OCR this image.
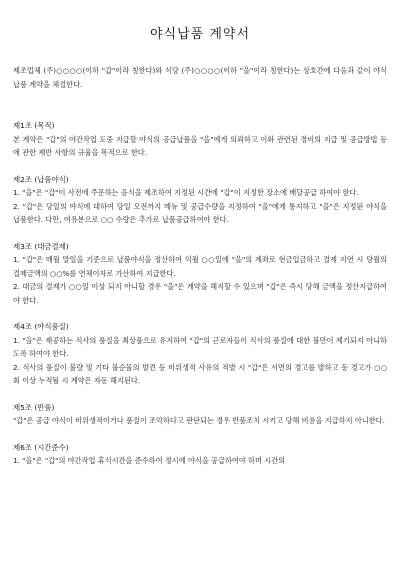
야식납품 계약서

제조업체 (주)○○○○(이하 "갑"이라 칭한다)와 식당 (주)○○○○(이하 "을"이라 칭한다)는 상호간에 다음과 같이 야식납품 계약을 체결한다.

제1조 (목적)

본 계약은 "갑"의 야간작업 도중 지급할 야식의 공급납품을 "을"에게 의뢰하고 이와 관련된 경비의 지급 및 공급방법 등에 관한 제반 사항의 규율을 목적으로 한다.

제2조 (납품야식)

1. "을"은 "갑"이 사전에 주문하는 음식을 제조하여 지정된 시간에 "갑"이 지정한 장소에 배달공급 하여야 한다.

2. "갑"은 당일의 야식에 대하여 당일 오전까지 메뉴 및 공급수량을 지정하여 "을"에게 통지하고 "을"은 지정된 야식을 납품한다. 다만, 여유분으로 ○○ 수량은 추가로 납품공급하여야 한다.

제3조 (대금결제)

1. "갑"은 매월 말일을 기준으로 납품야식을 정산하여 익월 ○○일에 "을"의 계좌로 현금입금하고 결제 지연 시 당월의 결제금액의 ○○%를 연체이자로 가산하여 지급한다.

2. 대금의 결제가 ○○일 이상 되지 아니할 경우 "을"은 계약을 해지할 수 있으며 "갑"은 즉시 당해 금액을 정산지급하여야 한다.

제4조 (야식품질)

1. "을"은 제공하는 식사의 품질을 최상품으로 유지하여 "갑"의 근로자들이 식사의 품질에 대한 불만이 제기되지 아니하도록 하여야 한다.

2. 식사의 품질이 불량 및 기타 불순물의 발견 등 비위생적 사유의 적발 시 "갑"은 서면의 경고를 발하고 동 경고가 ○○회 이상 누적될 시 계약은 자동 해지된다.

제5조 (반품)

"갑"은 공급 야식이 비위생적이거나 품질이 조악하다고 판단되는 경우 반품조치 시키고 당해 비용을 지급하지 아니한다.

제6조 (시간준수)

1. "을"은 "갑"의 야간작업 휴식시간을 준수하여 정시에 야식을 공급하여야 하며 시간의
